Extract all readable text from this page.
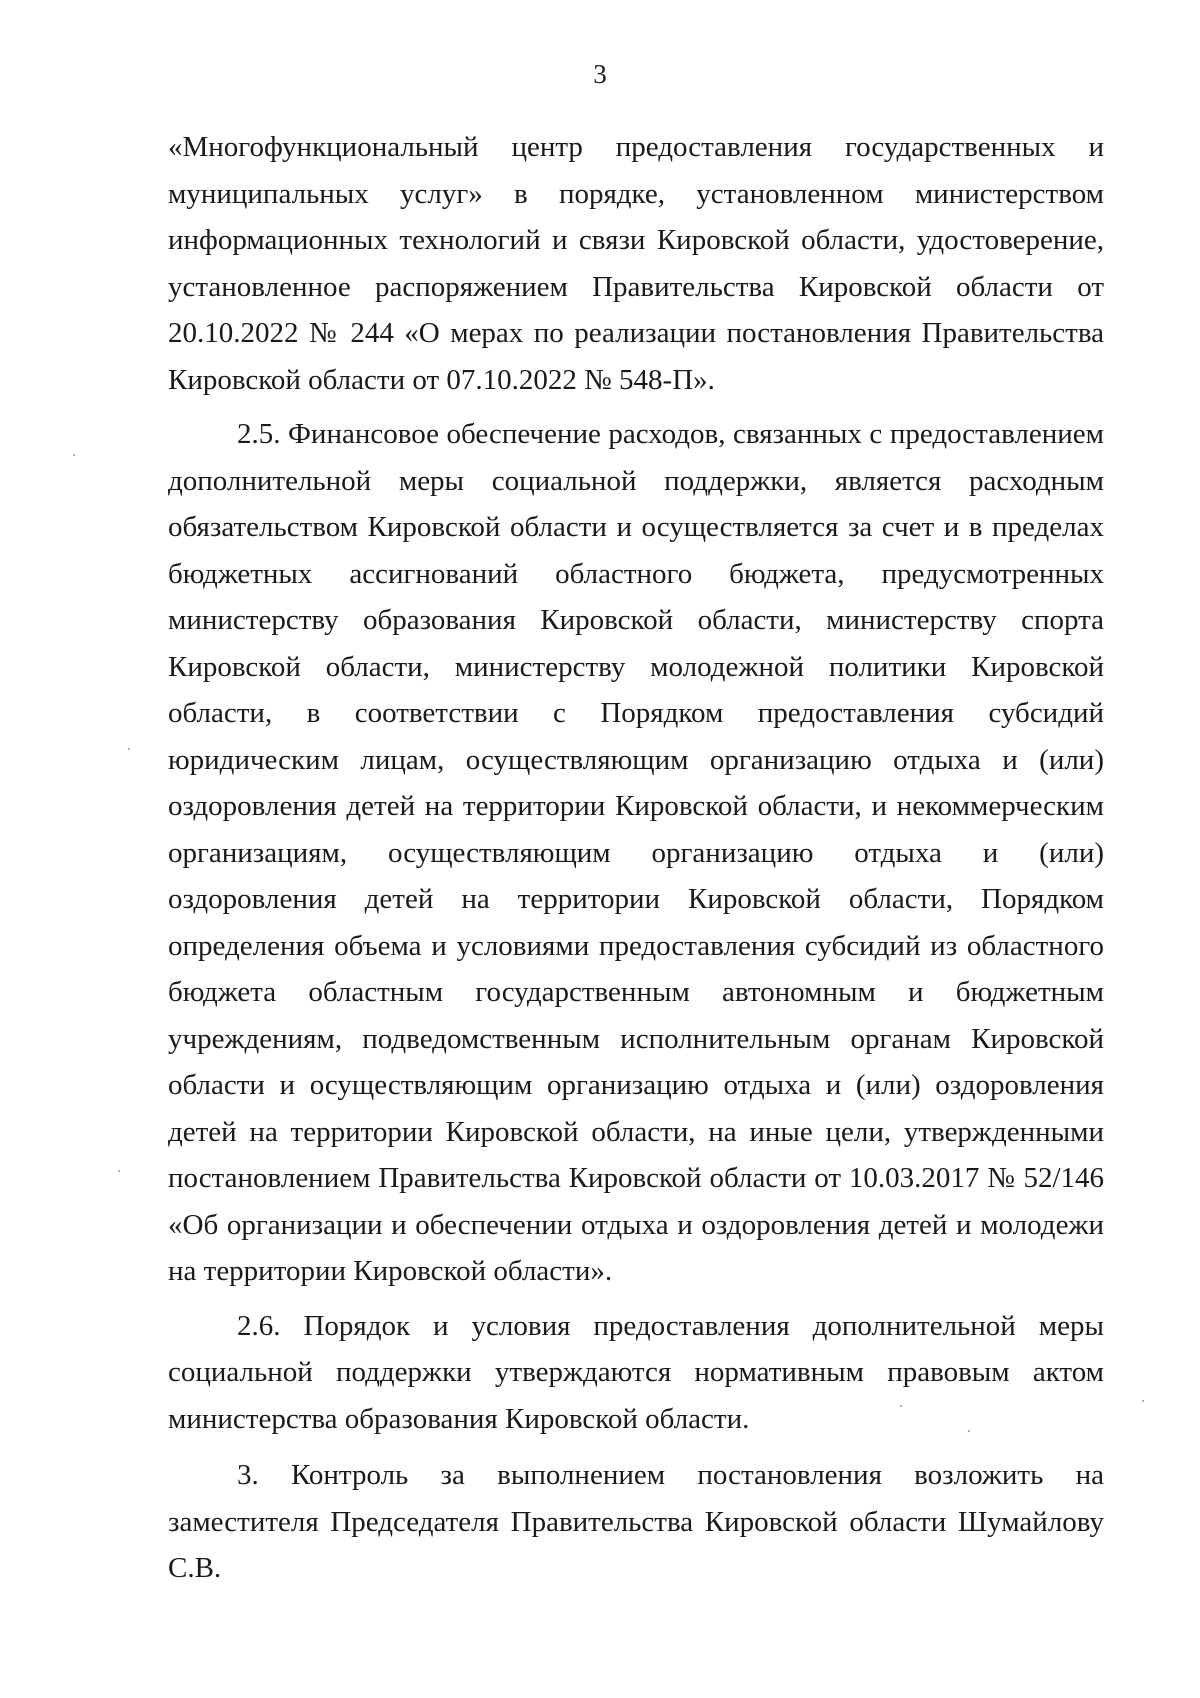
3

«Многофункциональный центр предоставления государственных и муниципальных услуг» в порядке, установленном министерством информационных технологий и связи Кировской области, удостоверение, установленное распоряжением Правительства Кировской области от 20.10.2022 № 244 «О мерах по реализации постановления Правительства Кировской области от 07.10.2022 № 548-П».

2.5. Финансовое обеспечение расходов, связанных с предоставлением дополнительной меры социальной поддержки, является расходным обязательством Кировской области и осуществляется за счет и в пределах бюджетных ассигнований областного бюджета, предусмотренных министерству образования Кировской области, министерству спорта Кировской области, министерству молодежной политики Кировской области, в соответствии с Порядком предоставления субсидий юридическим лицам, осуществляющим организацию отдыха и (или) оздоровления детей на территории Кировской области, и некоммерческим организациям, осуществляющим организацию отдыха и (или) оздоровления детей на территории Кировской области, Порядком определения объема и условиями предоставления субсидий из областного бюджета областным государственным автономным и бюджетным учреждениям, подведомственным исполнительным органам Кировской области и осуществляющим организацию отдыха и (или) оздоровления детей на территории Кировской области, на иные цели, утвержденными постановлением Правительства Кировской области от 10.03.2017 № 52/146 «Об организации и обеспечении отдыха и оздоровления детей и молодежи на территории Кировской области».

2.6. Порядок и условия предоставления дополнительной меры социальной поддержки утверждаются нормативным правовым актом министерства образования Кировской области.

3. Контроль за выполнением постановления возложить на заместителя Председателя Правительства Кировской области Шумайлову С.В.
